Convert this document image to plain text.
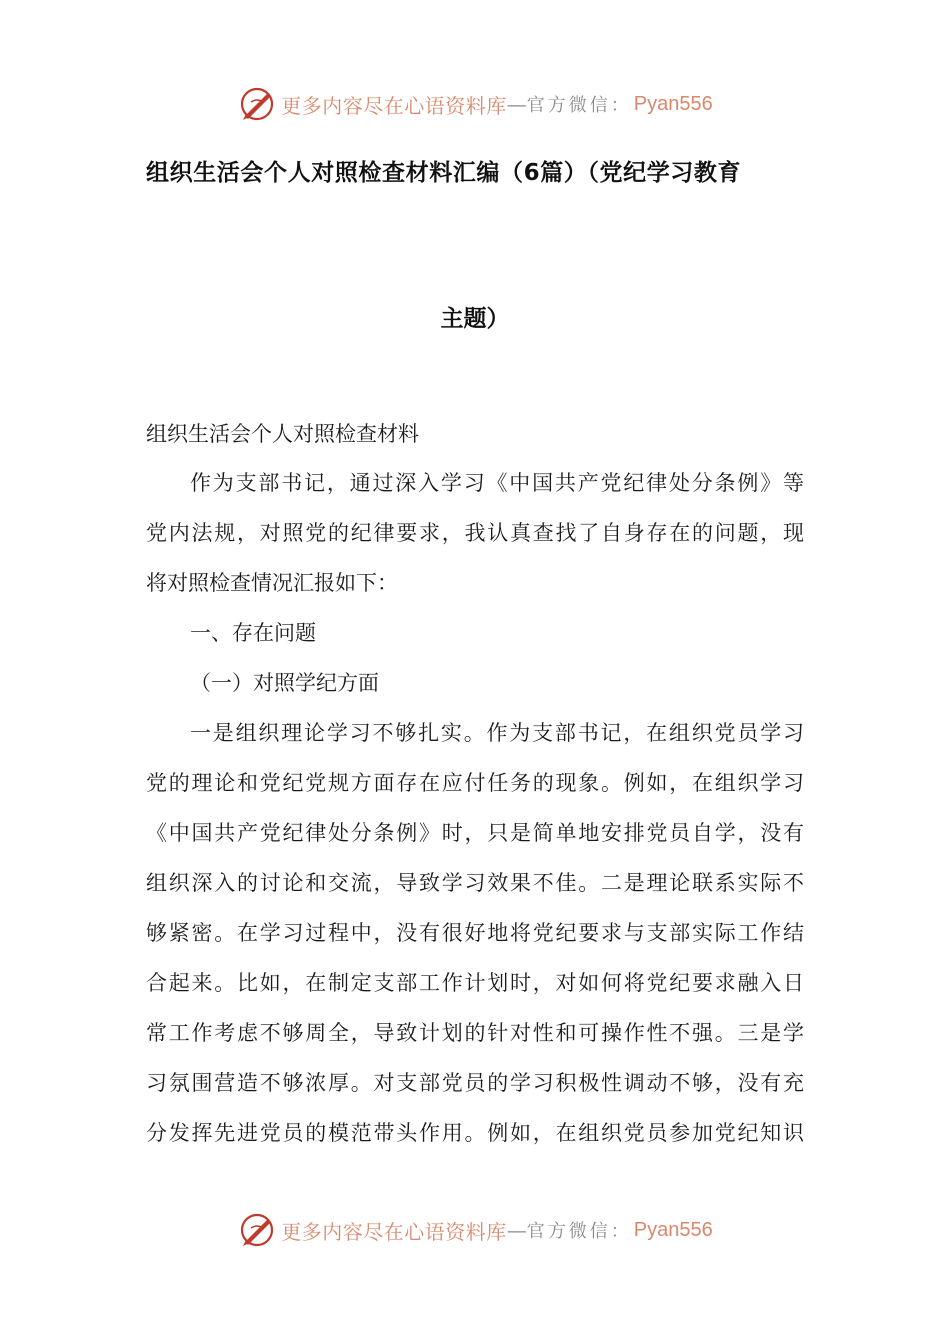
更多内容尽在心语资料库 — 官方微信： Pyan556
组织生活会个人对照检查材料汇编（6篇）（党纪学习教育
主题）
组织生活会个人对照检查材料
作为支部书记，通过深入学习《中国共产党纪律处分条例》等
党内法规，对照党的纪律要求，我认真查找了自身存在的问题，现
将对照检查情况汇报如下：
一、存在问题
（一）对照学纪方面
一是组织理论学习不够扎实。作为支部书记，在组织党员学习
党的理论和党纪党规方面存在应付任务的现象。例如，在组织学习
《中国共产党纪律处分条例》时，只是简单地安排党员自学，没有
组织深入的讨论和交流，导致学习效果不佳。二是理论联系实际不
够紧密。在学习过程中，没有很好地将党纪要求与支部实际工作结
合起来。比如，在制定支部工作计划时，对如何将党纪要求融入日
常工作考虑不够周全，导致计划的针对性和可操作性不强。三是学
习氛围营造不够浓厚。对支部党员的学习积极性调动不够，没有充
分发挥先进党员的模范带头作用。例如，在组织党员参加党纪知识
更多内容尽在心语资料库 — 官方微信： Pyan556
